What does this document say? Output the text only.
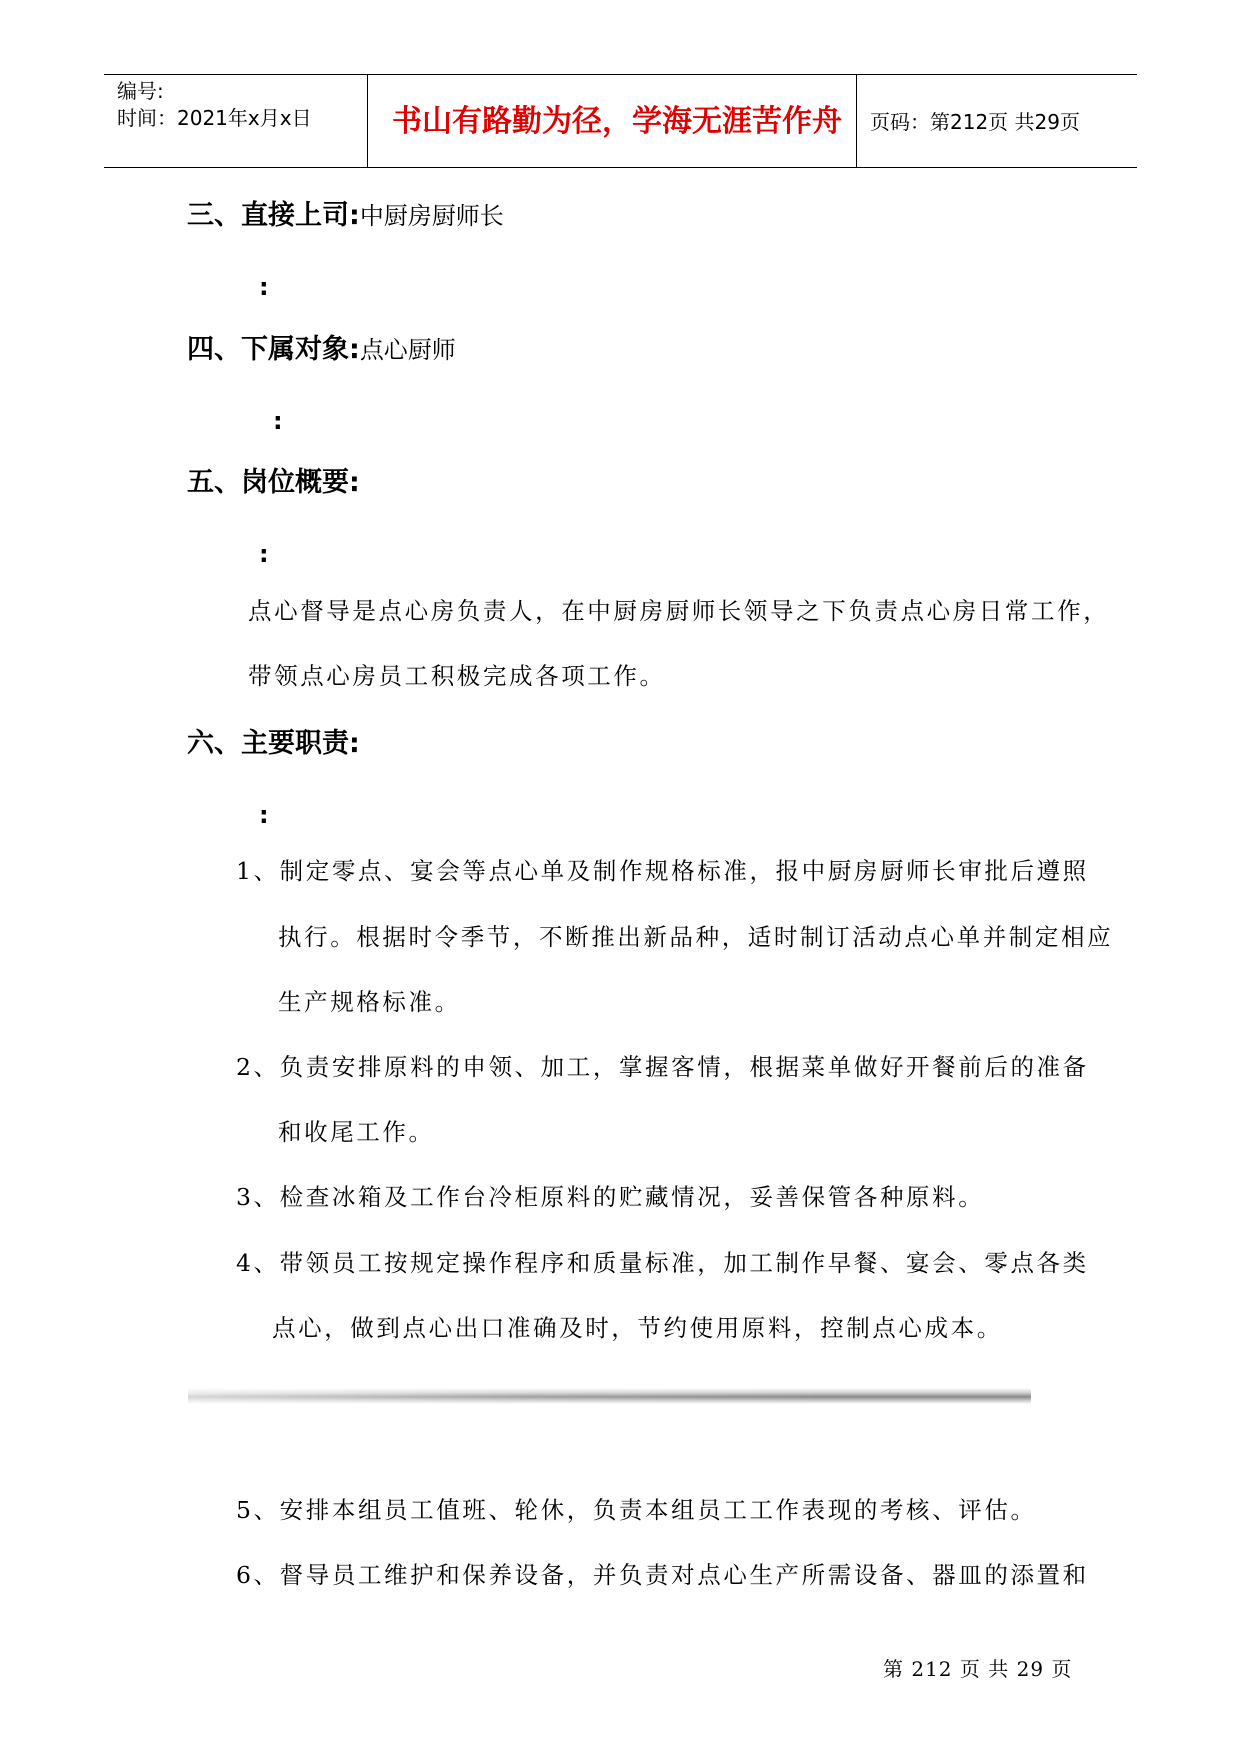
编号:
时间：2021年x月x日	书山有路勤为径，学海无涯苦作舟 页码：第212页 共29页
三、直接上司:中厨房厨师长
:
四、下属对象:点心厨师
:
五、岗位概要:
:
点心督导是点心房负责人，在中厨房厨师长领导之下负责点心房日常工作，
带领点心房员工积极完成各项工作。
六、主要职责:
:
1、制定零点、宴会等点心单及制作规格标准，报中厨房厨师长审批后遵照
执行。根据时令季节，不断推出新品种，适时制订活动点心单并制定相应
生产规格标准。
2、负责安排原料的申领、加工，掌握客情，根据菜单做好开餐前后的准备
和收尾工作。
3、检查冰箱及工作台冷柜原料的贮藏情况，妥善保管各种原料。
4、带领员工按规定操作程序和质量标准，加工制作早餐、宴会、零点各类
点心，做到点心出口准确及时，节约使用原料，控制点心成本。
5、安排本组员工值班、轮休，负责本组员工工作表现的考核、评估。
6、督导员工维护和保养设备，并负责对点心生产所需设备、器皿的添置和
第 212 页 共 29 页
